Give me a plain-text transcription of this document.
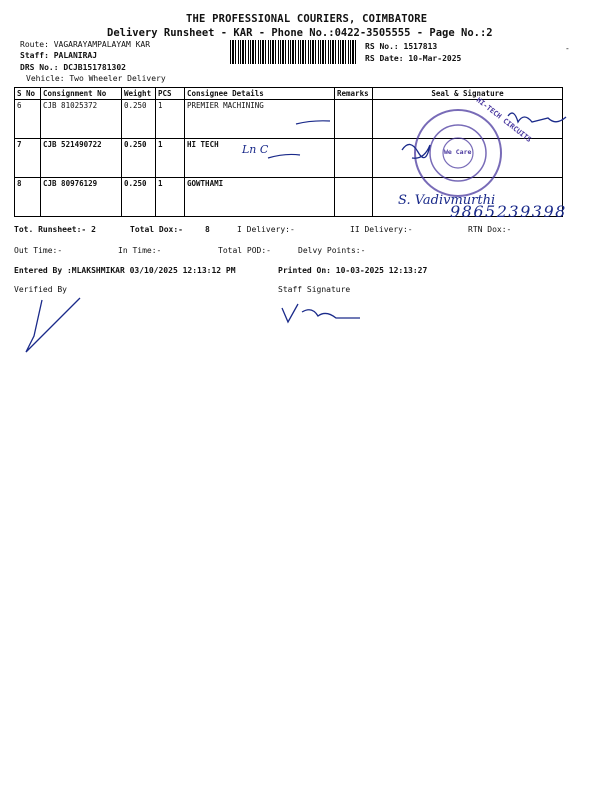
THE PROFESSIONAL COURIERS, COIMBATORE
Delivery Runsheet - KAR - Phone No.:0422-3505555 - Page No.:2
-
Route: VAGARAYAMPALAYAM KAR
Staff: PALANIRAJ
DRS No.: DCJB151781302
Vehicle: Two Wheeler Delivery
RS No.: 1517813
RS Date: 10-Mar-2025
S No	Consignment No	Weight	PCS	Consignee Details	Remarks	Seal & Signature
6	CJB 81025372	0.250	1	PREMIER MACHINING		
7	CJB 521490722	0.250	1	HI TECH		
8	CJB 80976129	0.250	1	GOWTHAMI		
HI-TECH CIRCUITS
We Care
Ln C
S. Vadivmurthi
9865239398
Tot. Runsheet:- 2	Total Dox:-	8	I Delivery:-	II Delivery:-	RTN Dox:-
Out Time:-	In Time:-	Total POD:-	Delvy Points:-
Entered By :MLAKSHMIKAR 03/10/2025 12:13:12 PM	Printed On: 10-03-2025 12:13:27
Verified By	Staff Signature
